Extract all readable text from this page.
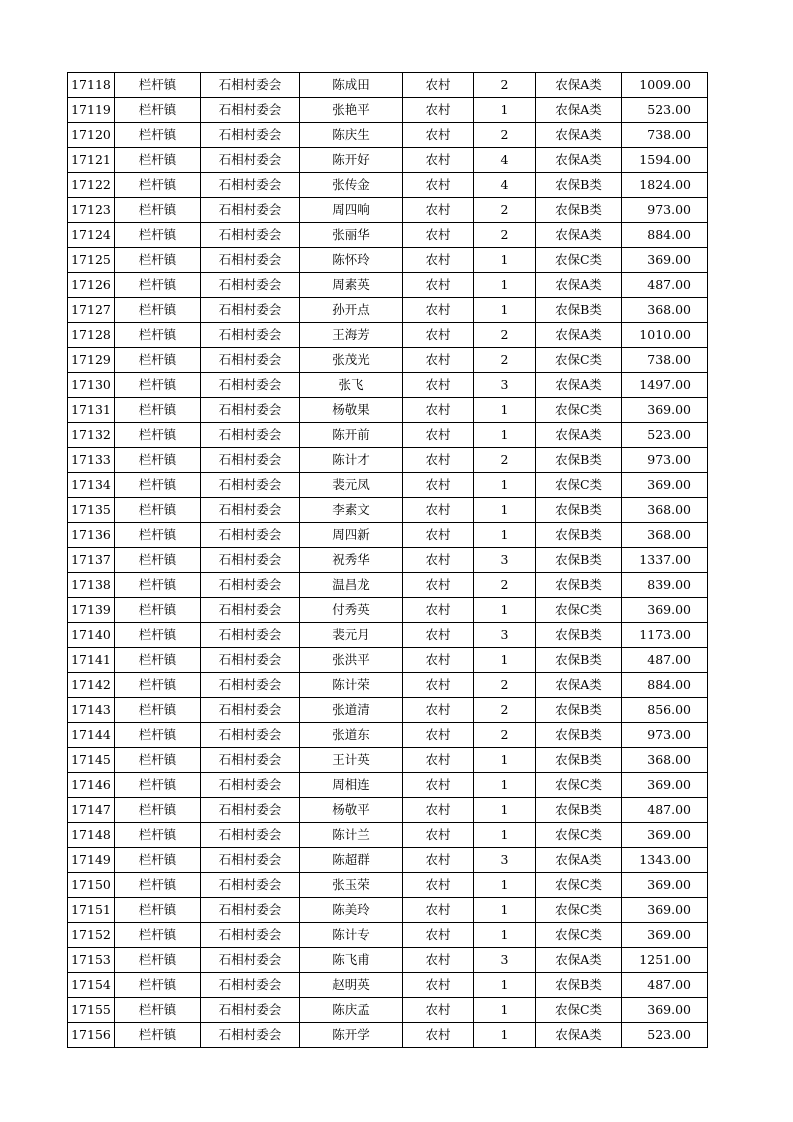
17118	栏杆镇	石相村委会	陈成田	农村	2	农保A类	1009.00
17119	栏杆镇	石相村委会	张艳平	农村	1	农保A类	523.00
17120	栏杆镇	石相村委会	陈庆生	农村	2	农保A类	738.00
17121	栏杆镇	石相村委会	陈开好	农村	4	农保A类	1594.00
17122	栏杆镇	石相村委会	张传金	农村	4	农保B类	1824.00
17123	栏杆镇	石相村委会	周四响	农村	2	农保B类	973.00
17124	栏杆镇	石相村委会	张丽华	农村	2	农保A类	884.00
17125	栏杆镇	石相村委会	陈怀玲	农村	1	农保C类	369.00
17126	栏杆镇	石相村委会	周素英	农村	1	农保A类	487.00
17127	栏杆镇	石相村委会	孙开点	农村	1	农保B类	368.00
17128	栏杆镇	石相村委会	王海芳	农村	2	农保A类	1010.00
17129	栏杆镇	石相村委会	张茂光	农村	2	农保C类	738.00
17130	栏杆镇	石相村委会	张飞	农村	3	农保A类	1497.00
17131	栏杆镇	石相村委会	杨敬果	农村	1	农保C类	369.00
17132	栏杆镇	石相村委会	陈开前	农村	1	农保A类	523.00
17133	栏杆镇	石相村委会	陈计才	农村	2	农保B类	973.00
17134	栏杆镇	石相村委会	裴元凤	农村	1	农保C类	369.00
17135	栏杆镇	石相村委会	李素文	农村	1	农保B类	368.00
17136	栏杆镇	石相村委会	周四新	农村	1	农保B类	368.00
17137	栏杆镇	石相村委会	祝秀华	农村	3	农保B类	1337.00
17138	栏杆镇	石相村委会	温昌龙	农村	2	农保B类	839.00
17139	栏杆镇	石相村委会	付秀英	农村	1	农保C类	369.00
17140	栏杆镇	石相村委会	裴元月	农村	3	农保B类	1173.00
17141	栏杆镇	石相村委会	张洪平	农村	1	农保B类	487.00
17142	栏杆镇	石相村委会	陈计荣	农村	2	农保A类	884.00
17143	栏杆镇	石相村委会	张道清	农村	2	农保B类	856.00
17144	栏杆镇	石相村委会	张道东	农村	2	农保B类	973.00
17145	栏杆镇	石相村委会	王计英	农村	1	农保B类	368.00
17146	栏杆镇	石相村委会	周相连	农村	1	农保C类	369.00
17147	栏杆镇	石相村委会	杨敬平	农村	1	农保B类	487.00
17148	栏杆镇	石相村委会	陈计兰	农村	1	农保C类	369.00
17149	栏杆镇	石相村委会	陈超群	农村	3	农保A类	1343.00
17150	栏杆镇	石相村委会	张玉荣	农村	1	农保C类	369.00
17151	栏杆镇	石相村委会	陈美玲	农村	1	农保C类	369.00
17152	栏杆镇	石相村委会	陈计专	农村	1	农保C类	369.00
17153	栏杆镇	石相村委会	陈飞甫	农村	3	农保A类	1251.00
17154	栏杆镇	石相村委会	赵明英	农村	1	农保B类	487.00
17155	栏杆镇	石相村委会	陈庆孟	农村	1	农保C类	369.00
17156	栏杆镇	石相村委会	陈开学	农村	1	农保A类	523.00
